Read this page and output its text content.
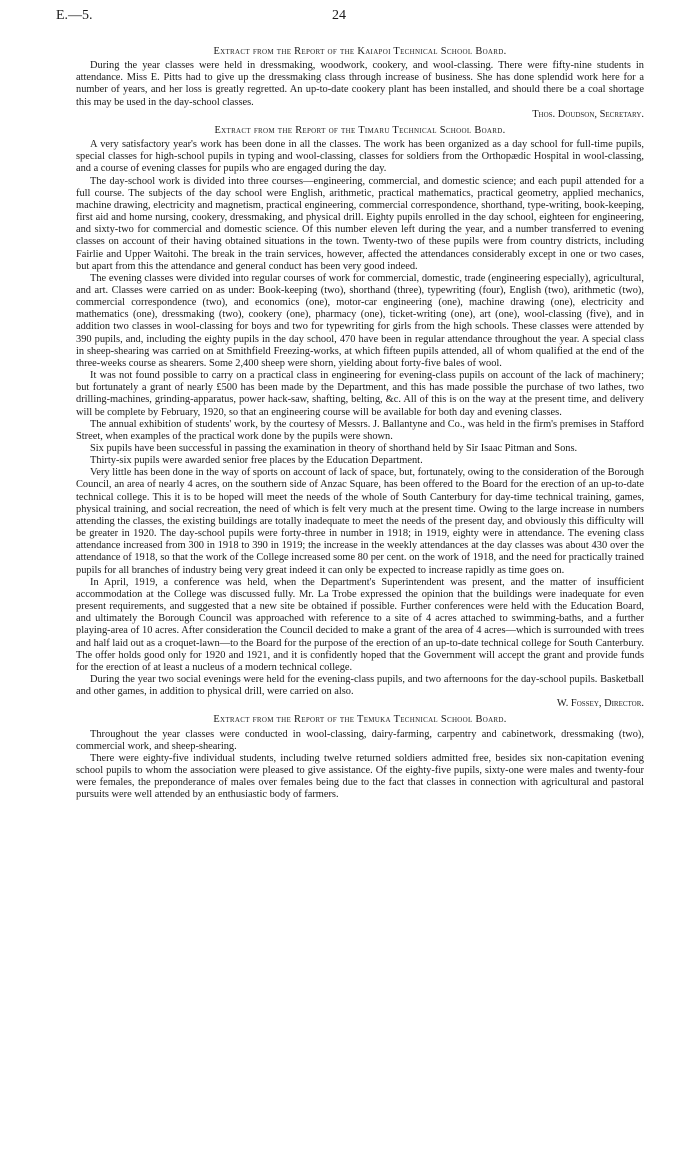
E.—5.	24
Extract from the Report of the Kaiapoi Technical School Board.

During the year classes were held in dressmaking, woodwork, cookery, and wool-classing. There were fifty-nine students in attendance. Miss E. Pitts had to give up the dressmaking class through increase of business. She has done splendid work here for a number of years, and her loss is greatly regretted. An up-to-date cookery plant has been installed, and should there be a coal shortage this may be used in the day-school classes.

Thos. Doudson, Secretary.
Extract from the Report of the Timaru Technical School Board.

A very satisfactory year's work has been done in all the classes. The work has been organized as a day school for full-time pupils, special classes for high-school pupils in typing and wool-classing, classes for soldiers from the Orthopædic Hospital in wool-classing, and a course of evening classes for pupils who are engaged during the day.

The day-school work is divided into three courses—engineering, commercial, and domestic science; and each pupil attended for a full course. The subjects of the day school were English, arithmetic, practical mathematics, practical geometry, applied mechanics, machine drawing, electricity and magnetism, practical engineering, commercial correspondence, shorthand, type-writing, book-keeping, first aid and home nursing, cookery, dressmaking, and physical drill. Eighty pupils enrolled in the day school, eighteen for engineering, and sixty-two for commercial and domestic science. Of this number eleven left during the year, and a number transferred to evening classes on account of their having obtained situations in the town. Twenty-two of these pupils were from country districts, including Fairlie and Upper Waitohi. The break in the train services, however, affected the attendances considerably except in one or two cases, but apart from this the attendance and general conduct has been very good indeed.

The evening classes were divided into regular courses of work for commercial, domestic, trade (engineering especially), agricultural, and art. Classes were carried on as under: Book-keeping (two), shorthand (three), typewriting (four), English (two), arithmetic (two), commercial correspondence (two), and economics (one), motor-car engineering (one), machine drawing (one), electricity and mathematics (one), dressmaking (two), cookery (one), pharmacy (one), ticket-writing (one), art (one), wool-classing (five), and in addition two classes in wool-classing for boys and two for typewriting for girls from the high schools. These classes were attended by 390 pupils, and, including the eighty pupils in the day school, 470 have been in regular attendance throughout the year. A special class in sheep-shearing was carried on at Smithfield Freezing-works, at which fifteen pupils attended, all of whom qualified at the end of the three-weeks course as shearers. Some 2,400 sheep were shorn, yielding about forty-five bales of wool.

It was not found possible to carry on a practical class in engineering for evening-class pupils on account of the lack of machinery; but fortunately a grant of nearly £500 has been made by the Department, and this has made possible the purchase of two lathes, two drilling-machines, grinding-apparatus, power hack-saw, shafting, belting, &c. All of this is on the way at the present time, and delivery will be complete by February, 1920, so that an engineering course will be available for both day and evening classes.

The annual exhibition of students' work, by the courtesy of Messrs. J. Ballantyne and Co., was held in the firm's premises in Stafford Street, when examples of the practical work done by the pupils were shown.

Six pupils have been successful in passing the examination in theory of shorthand held by Sir Isaac Pitman and Sons.

Thirty-six pupils were awarded senior free places by the Education Department.

Very little has been done in the way of sports on account of lack of space, but, fortunately, owing to the consideration of the Borough Council, an area of nearly 4 acres, on the southern side of Anzac Square, has been offered to the Board for the erection of an up-to-date technical college. This it is to be hoped will meet the needs of the whole of South Canterbury for day-time technical training, games, physical training, and social recreation, the need of which is felt very much at the present time. Owing to the large increase in numbers attending the classes, the existing buildings are totally inadequate to meet the needs of the present day, and obviously this difficulty will be greater in 1920. The day-school pupils were forty-three in number in 1918; in 1919, eighty were in attendance. The evening class attendance increased from 300 in 1918 to 390 in 1919; the increase in the weekly attendances at the day classes was about 430 over the attendance of 1918, so that the work of the College increased some 80 per cent. on the work of 1918, and the need for practically trained pupils for all branches of industry being very great indeed it can only be expected to increase rapidly as time goes on.

In April, 1919, a conference was held, when the Department's Superintendent was present, and the matter of insufficient accommodation at the College was discussed fully. Mr. La Trobe expressed the opinion that the buildings were inadequate for even present requirements, and suggested that a new site be obtained if possible. Further conferences were held with the Education Board, and ultimately the Borough Council was approached with reference to a site of 4 acres attached to swimming-baths, and a further playing-area of 10 acres. After consideration the Council decided to make a grant of the area of 4 acres—which is surrounded with trees and half laid out as a croquet-lawn—to the Board for the purpose of the erection of an up-to-date technical college for South Canterbury. The offer holds good only for 1920 and 1921, and it is confidently hoped that the Government will accept the grant and provide funds for the erection of at least a nucleus of a modern technical college.

During the year two social evenings were held for the evening-class pupils, and two afternoons for the day-school pupils. Basketball and other games, in addition to physical drill, were carried on also.

W. Fossey, Director.
Extract from the Report of the Temuka Technical School Board.

Throughout the year classes were conducted in wool-classing, dairy-farming, carpentry and cabinetwork, dressmaking (two), commercial work, and sheep-shearing.

There were eighty-five individual students, including twelve returned soldiers admitted free, besides six non-capitation evening school pupils to whom the association were pleased to give assistance. Of the eighty-five pupils, sixty-one were males and twenty-four were females, the preponderance of males over females being due to the fact that classes in connection with agricultural and pastoral pursuits were well attended by an enthusiastic body of farmers.
